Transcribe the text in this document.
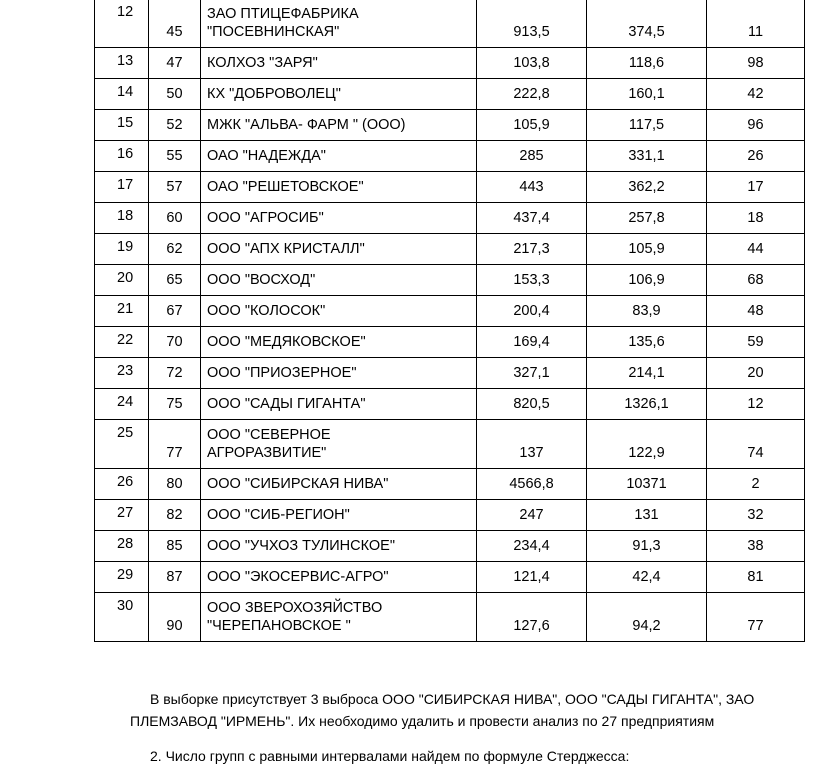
12	45	ЗАО ПТИЦЕФАБРИКА
"ПОСЕВНИНСКАЯ"	913,5	374,5	11
13	47	КОЛХОЗ "ЗАРЯ"	103,8	118,6	98
14	50	КХ "ДОБРОВОЛЕЦ"	222,8	160,1	42
15	52	МЖК "АЛЬВА- ФАРМ " (ООО)	105,9	117,5	96
16	55	ОАО "НАДЕЖДА"	285	331,1	26
17	57	ОАО "РЕШЕТОВСКОЕ"	443	362,2	17
18	60	ООО "АГРОСИБ"	437,4	257,8	18
19	62	ООО "АПХ КРИСТАЛЛ"	217,3	105,9	44
20	65	ООО "ВОСХОД"	153,3	106,9	68
21	67	ООО "КОЛОСОК"	200,4	83,9	48
22	70	ООО "МЕДЯКОВСКОЕ"	169,4	135,6	59
23	72	ООО "ПРИОЗЕРНОЕ"	327,1	214,1	20
24	75	ООО "САДЫ ГИГАНТА"	820,5	1326,1	12
25	77	ООО "СЕВЕРНОЕ
АГРОРАЗВИТИЕ"	137	122,9	74
26	80	ООО "СИБИРСКАЯ НИВА"	4566,8	10371	2
27	82	ООО "СИБ-РЕГИОН"	247	131	32
28	85	ООО "УЧХОЗ ТУЛИНСКОЕ"	234,4	91,3	38
29	87	ООО "ЭКОСЕРВИС-АГРО"	121,4	42,4	81
30	90	ООО ЗВЕРОХОЗЯЙСТВО
"ЧЕРЕПАНОВСКОЕ "	127,6	94,2	77
В выборке присутствует 3 выброса ООО "СИБИРСКАЯ НИВА", ООО "САДЫ ГИГАНТА", ЗАО
ПЛЕМЗАВОД "ИРМЕНЬ". Их необходимо удалить и провести анализ по 27 предприятиям
2. Число групп с равными интервалами найдем по формуле Стерджесса:
